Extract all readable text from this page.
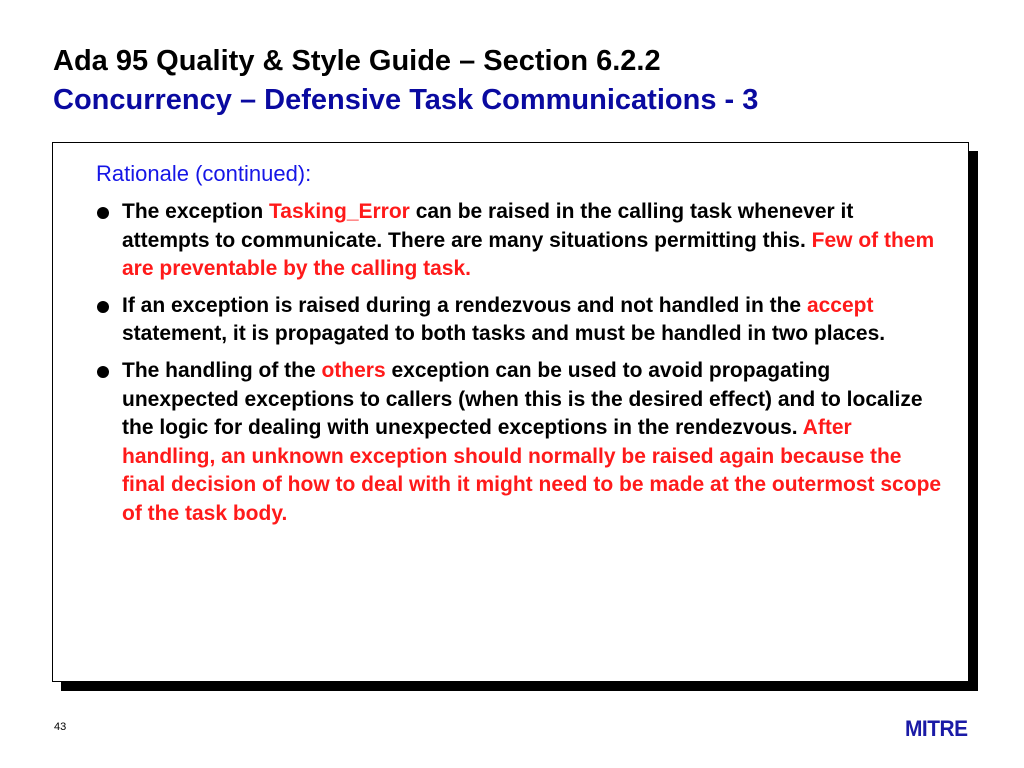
Ada 95 Quality & Style Guide – Section 6.2.2
Concurrency – Defensive Task Communications - 3
Rationale (continued):
The exception Tasking_Error can be raised in the calling task whenever it attempts to communicate. There are many situations permitting this. Few of them are preventable by the calling task.
If an exception is raised during a rendezvous and not handled in the accept statement, it is propagated to both tasks and must be handled in two places.
The handling of the others exception can be used to avoid propagating unexpected exceptions to callers (when this is the desired effect) and to localize the logic for dealing with unexpected exceptions in the rendezvous. After handling, an unknown exception should normally be raised again because the final decision of how to deal with it might need to be made at the outermost scope of the task body.
43	MITRE
